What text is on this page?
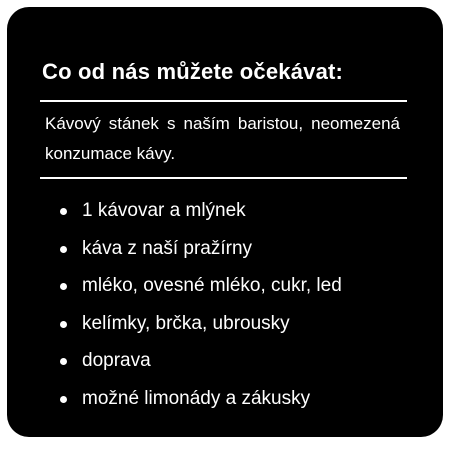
Co od nás můžete očekávat:

Kávový stánek s naším baristou, neomezená konzumace kávy.

1 kávovar a mlýnek
káva z naší pražírny
mléko, ovesné mléko, cukr, led
kelímky, brčka, ubrousky
doprava
možné limonády a zákusky
